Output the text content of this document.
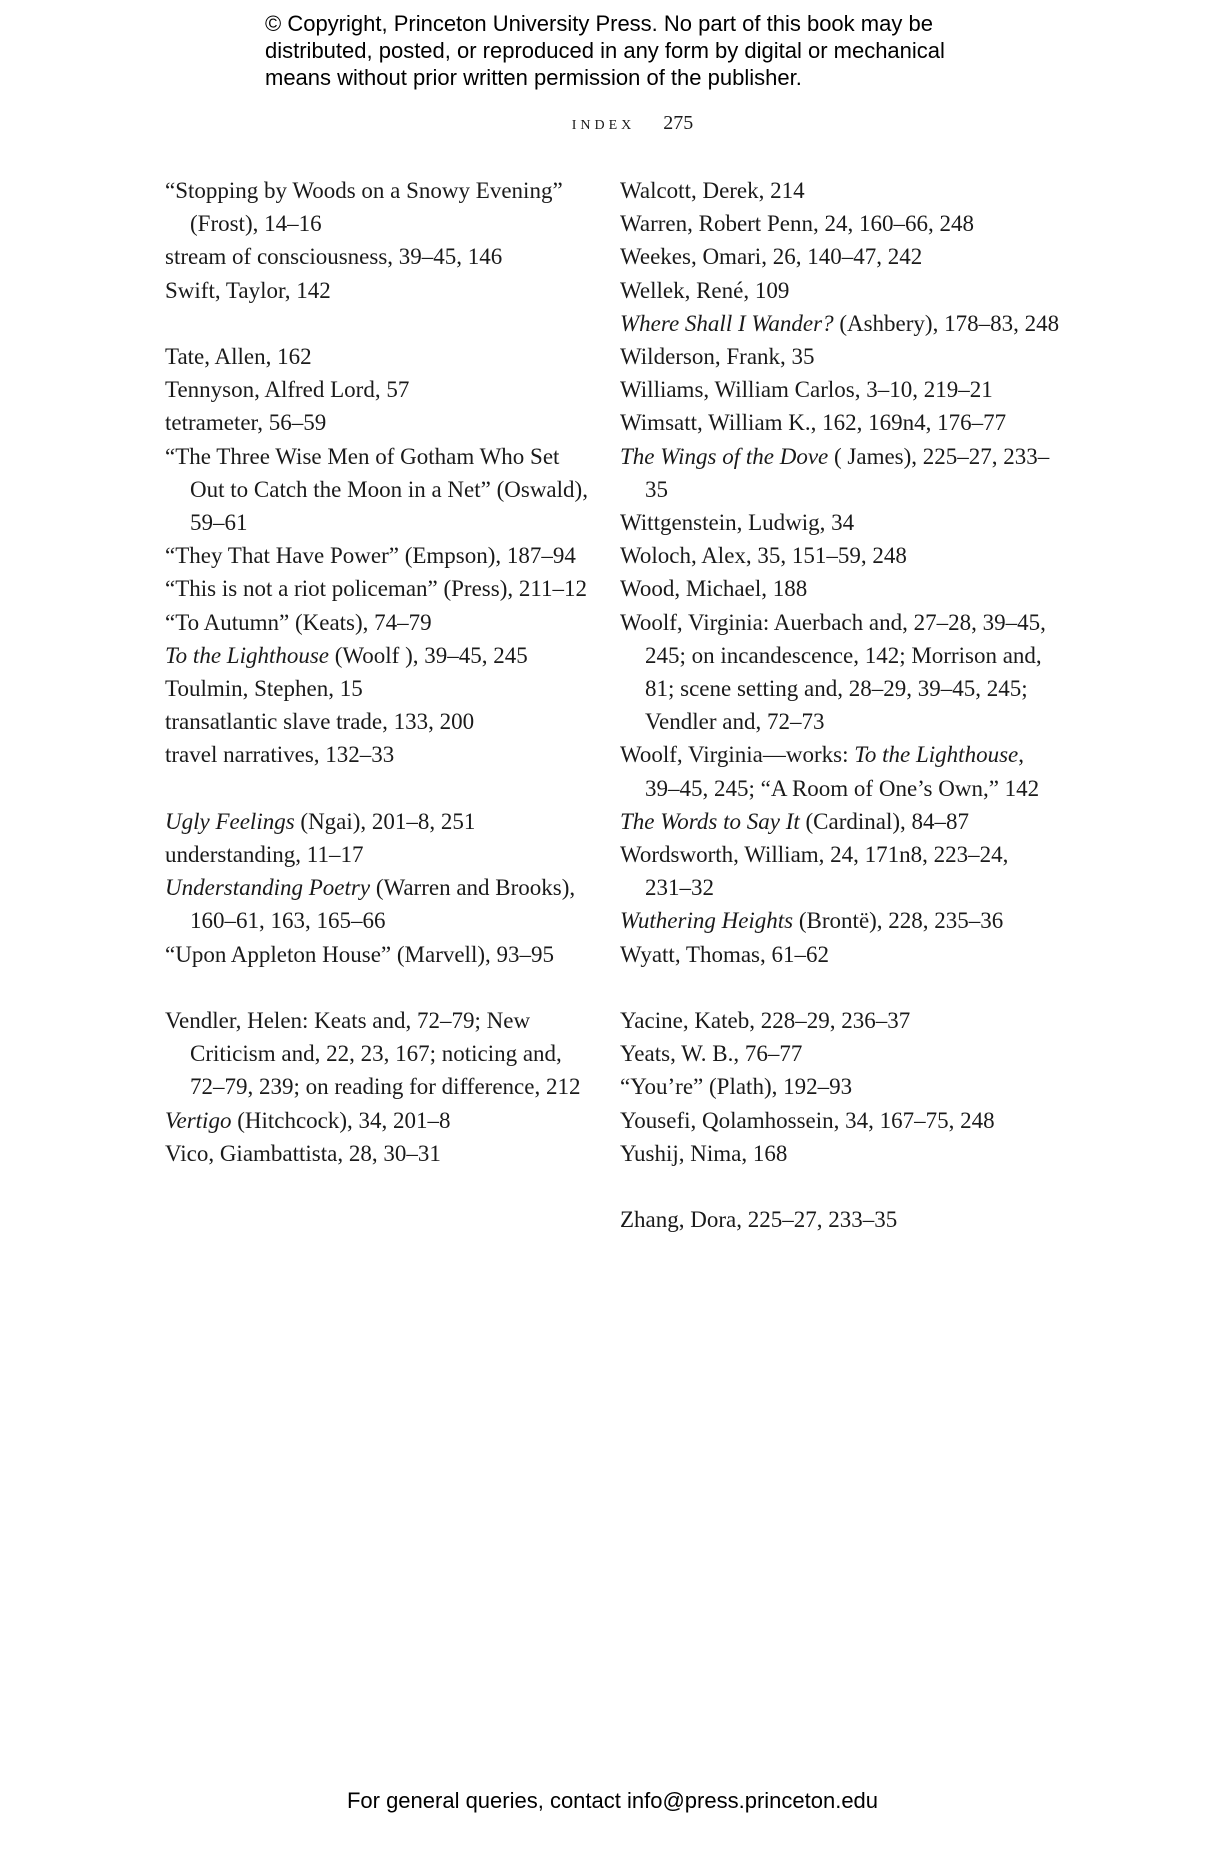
© Copyright, Princeton University Press. No part of this book may be
distributed, posted, or reproduced in any form by digital or mechanical
means without prior written permission of the publisher.
index 275
“Stopping by Woods on a Snowy Evening” (Frost), 14–16
stream of consciousness, 39–45, 146
Swift, Taylor, 142
Tate, Allen, 162
Tennyson, Alfred Lord, 57
tetrameter, 56–59
“The Three Wise Men of Gotham Who Set Out to Catch the Moon in a Net” (Oswald), 59–61
“They That Have Power” (Empson), 187–94
“This is not a riot policeman” (Press), 211–12
“To Autumn” (Keats), 74–79
To the Lighthouse (Woolf ), 39–45, 245
Toulmin, Stephen, 15
transatlantic slave trade, 133, 200
travel narratives, 132–33
Ugly Feelings (Ngai), 201–8, 251
understanding, 11–17
Understanding Poetry (Warren and Brooks), 160–61, 163, 165–66
“Upon Appleton House” (Marvell), 93–95
Vendler, Helen: Keats and, 72–79; New Criticism and, 22, 23, 167; noticing and, 72–79, 239; on reading for difference, 212
Vertigo (Hitchcock), 34, 201–8
Vico, Giambattista, 28, 30–31
Walcott, Derek, 214
Warren, Robert Penn, 24, 160–66, 248
Weekes, Omari, 26, 140–47, 242
Wellek, René, 109
Where Shall I Wander? (Ashbery), 178–83, 248
Wilderson, Frank, 35
Williams, William Carlos, 3–10, 219–21
Wimsatt, William K., 162, 169n4, 176–77
The Wings of the Dove ( James), 225–27, 233–35
Wittgenstein, Ludwig, 34
Woloch, Alex, 35, 151–59, 248
Wood, Michael, 188
Woolf, Virginia: Auerbach and, 27–28, 39–45, 245; on incandescence, 142; Morrison and, 81; scene setting and, 28–29, 39–45, 245; Vendler and, 72–73
Woolf, Virginia—works: To the Lighthouse, 39–45, 245; “A Room of One’s Own,” 142
The Words to Say It (Cardinal), 84–87
Wordsworth, William, 24, 171n8, 223–24, 231–32
Wuthering Heights (Brontë), 228, 235–36
Wyatt, Thomas, 61–62
Yacine, Kateb, 228–29, 236–37
Yeats, W. B., 76–77
“You’re” (Plath), 192–93
Yousefi, Qolamhossein, 34, 167–75, 248
Yushij, Nima, 168
Zhang, Dora, 225–27, 233–35
For general queries, contact info@press.princeton.edu
